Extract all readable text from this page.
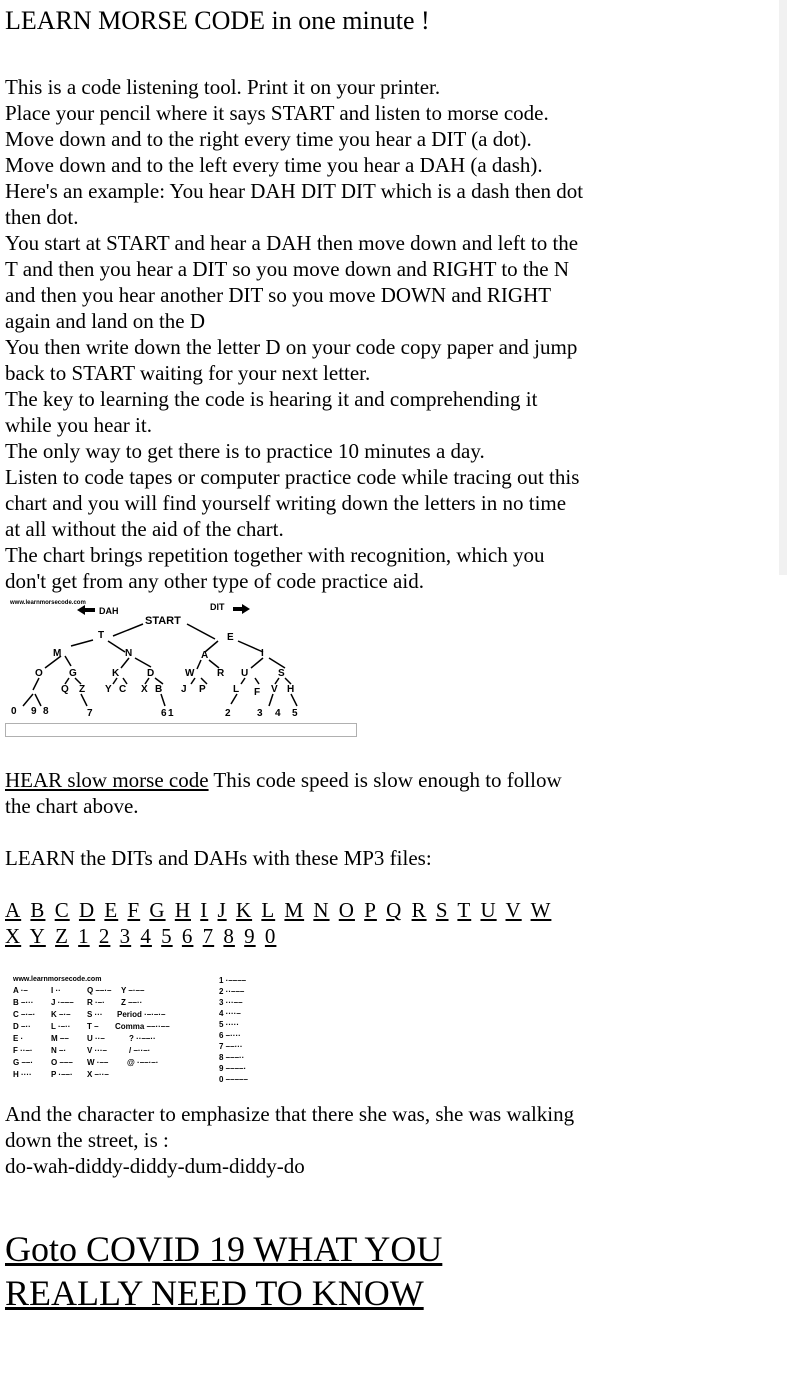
LEARN MORSE CODE in one minute !
This is a code listening tool. Print it on your printer.
Place your pencil where it says START and listen to morse code.
Move down and to the right every time you hear a DIT (a dot).
Move down and to the left every time you hear a DAH (a dash).
Here's an example: You hear DAH DIT DIT which is a dash then dot then dot.
You start at START and hear a DAH then move down and left to the T and then you hear a DIT so you move down and RIGHT to the N and then you hear another DIT so you move DOWN and RIGHT again and land on the D
You then write down the letter D on your code copy paper and jump back to START waiting for your next letter.
The key to learning the code is hearing it and comprehending it while you hear it.
The only way to get there is to practice 10 minutes a day.
Listen to code tapes or computer practice code while tracing out this chart and you will find yourself writing down the letters in no time at all without the aid of the chart.
The chart brings repetition together with recognition, which you don't get from any other type of code practice aid.
www.learnmorsecode.com
DAH	DIT
START
T	E
M	N	A	I
O	G	K	D	W R U	S
Q Z Y C X B J P	L F V H
0 9 8	7	6 1	2	3 4 5
HEAR slow morse code This code speed is slow enough to follow the chart above.
LEARN the DITs and DAHs with these MP3 files:
A B C D E F G H I J K L M N O P Q R S T U V W X Y Z 1 2 3 4 5 6 7 8 9 0
www.learnmorsecode.com
A ·–
B –···
C –·–·
D –··
E ·
F ··–·
G ––·
H ····
I ··
J ·–––
K –·–
L ·–··
M ––
N –·
O –––
P ·––·
Q ––·–
R ·–·
S ···
T –
U ··–
V ···–
W ·––
X –··–
Y –·––
Z ––··
Period ·–·–·–
Comma ––··––
? ··––··
/ –··–·
@ ·––·–·
1 ·––––
2 ··–––
3 ···––
4 ····–
5 ·····
6 –····
7 ––···
8 –––··
9 ––––·
0 –––––
And the character to emphasize that there she was, she was walking down the street, is :
do-wah-diddy-diddy-dum-diddy-do
Goto COVID 19 WHAT YOU REALLY NEED TO KNOW
